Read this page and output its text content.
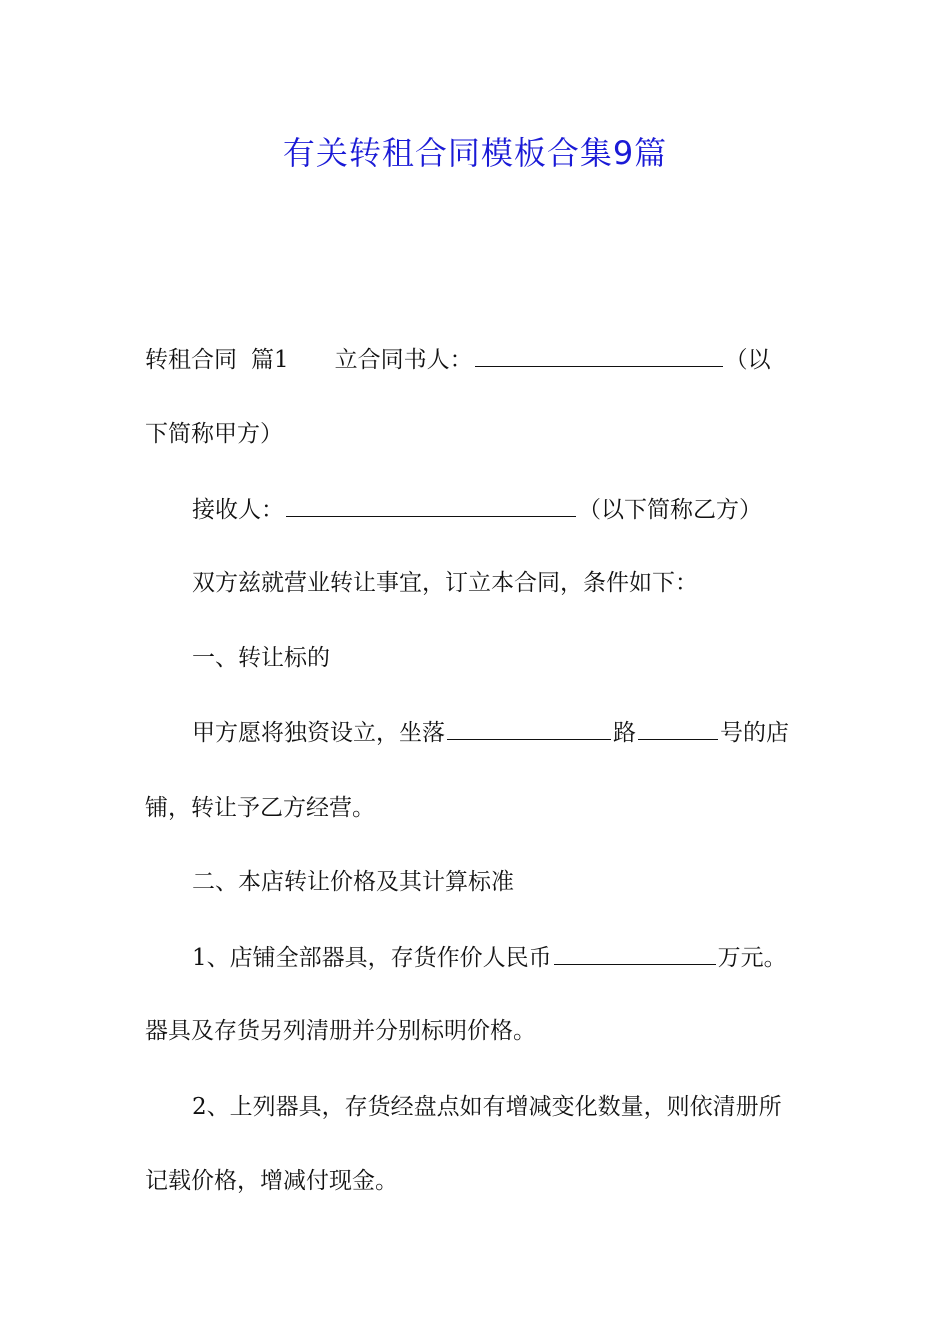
有关转租合同模板合集9篇

转租合同 篇1 立合同书人：	（以

下简称甲方）

接收人：	（以下简称乙方）

双方兹就营业转让事宜，订立本合同，条件如下：

一、转让标的

甲方愿将独资设立，坐落	路	号的店

铺，转让予乙方经营。

二、本店转让价格及其计算标准

1、店铺全部器具，存货作价人民币	万元。

器具及存货另列清册并分别标明价格。

2、上列器具，存货经盘点如有增减变化数量，则依清册所

记载价格，增减付现金。
